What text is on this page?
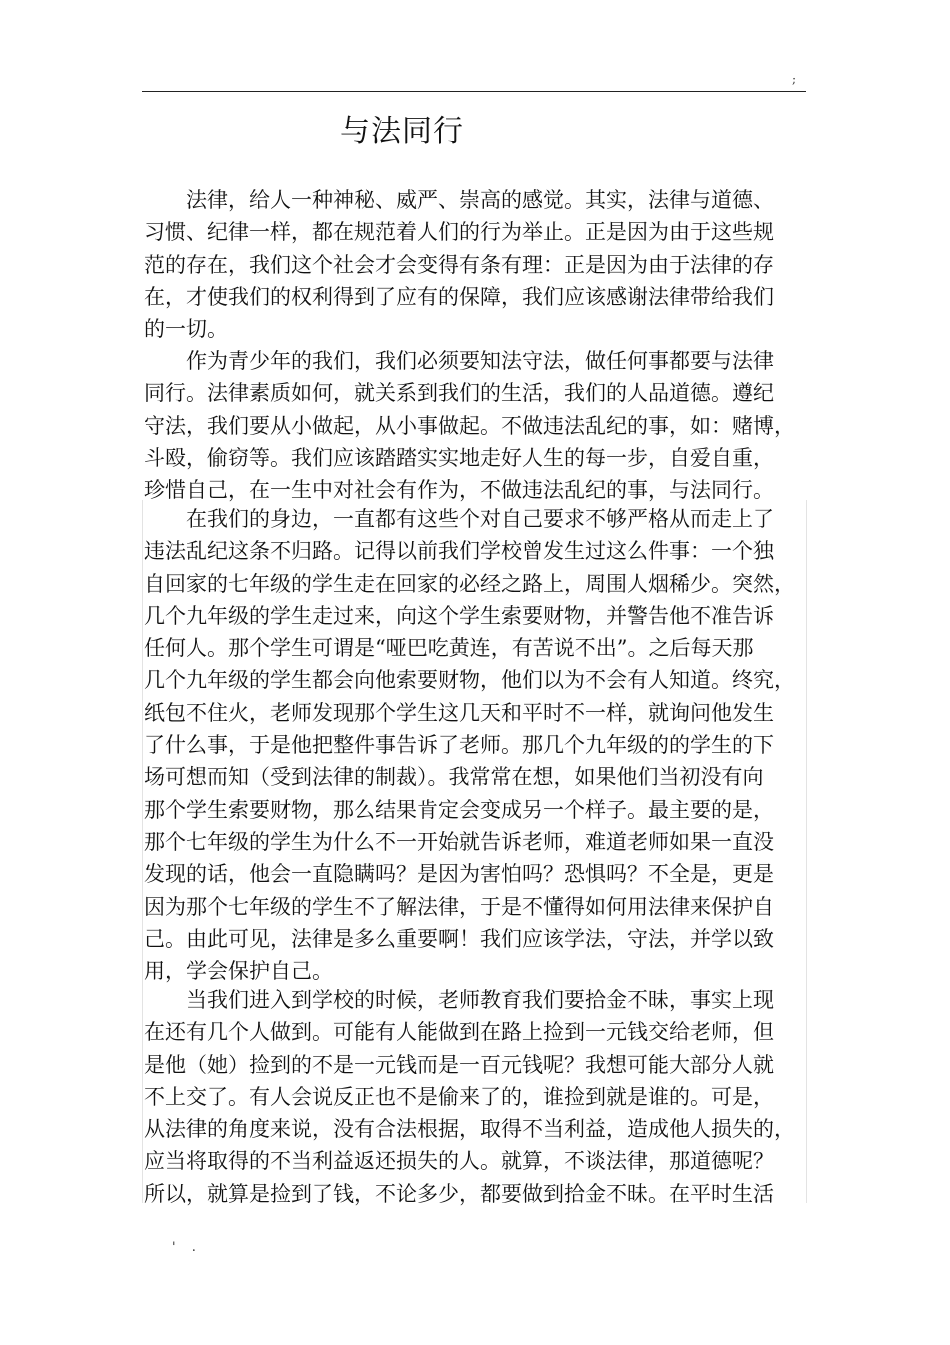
;
与法同行
　　法律，给人一种神秘、威严、崇高的感觉。其实，法律与道德、
习惯、纪律一样，都在规范着人们的行为举止。正是因为由于这些规
范的存在，我们这个社会才会变得有条有理：正是因为由于法律的存
在，才使我们的权利得到了应有的保障，我们应该感谢法律带给我们
的一切。
　　作为青少年的我们，我们必须要知法守法，做任何事都要与法律
同行。法律素质如何，就关系到我们的生活，我们的人品道德。遵纪
守法，我们要从小做起，从小事做起。不做违法乱纪的事，如：赌博，
斗殴，偷窃等。我们应该踏踏实实地走好人生的每一步，自爱自重，
珍惜自己，在一生中对社会有作为，不做违法乱纪的事，与法同行。
　　在我们的身边，一直都有这些个对自己要求不够严格从而走上了
违法乱纪这条不归路。记得以前我们学校曾发生过这么件事：一个独
自回家的七年级的学生走在回家的必经之路上，周围人烟稀少。突然，
几个九年级的学生走过来，向这个学生索要财物，并警告他不准告诉
任何人。那个学生可谓是“哑巴吃黄连，有苦说不出”。之后每天那
几个九年级的学生都会向他索要财物，他们以为不会有人知道。终究，
纸包不住火，老师发现那个学生这几天和平时不一样，就询问他发生
了什么事，于是他把整件事告诉了老师。那几个九年级的的学生的下
场可想而知（受到法律的制裁）。我常常在想，如果他们当初没有向
那个学生索要财物，那么结果肯定会变成另一个样子。最主要的是，
那个七年级的学生为什么不一开始就告诉老师，难道老师如果一直没
发现的话，他会一直隐瞒吗？是因为害怕吗？恐惧吗？不全是，更是
因为那个七年级的学生不了解法律，于是不懂得如何用法律来保护自
己。由此可见，法律是多么重要啊！我们应该学法，守法，并学以致
用，学会保护自己。
　　当我们进入到学校的时候，老师教育我们要拾金不昧，事实上现
在还有几个人做到。可能有人能做到在路上捡到一元钱交给老师，但
是他（她）捡到的不是一元钱而是一百元钱呢？我想可能大部分人就
不上交了。有人会说反正也不是偷来了的，谁捡到就是谁的。可是，
从法律的角度来说，没有合法根据，取得不当利益，造成他人损失的，
应当将取得的不当利益返还损失的人。就算，不谈法律，那道德呢？
所以，就算是捡到了钱，不论多少，都要做到拾金不昧。在平时生活
' .
